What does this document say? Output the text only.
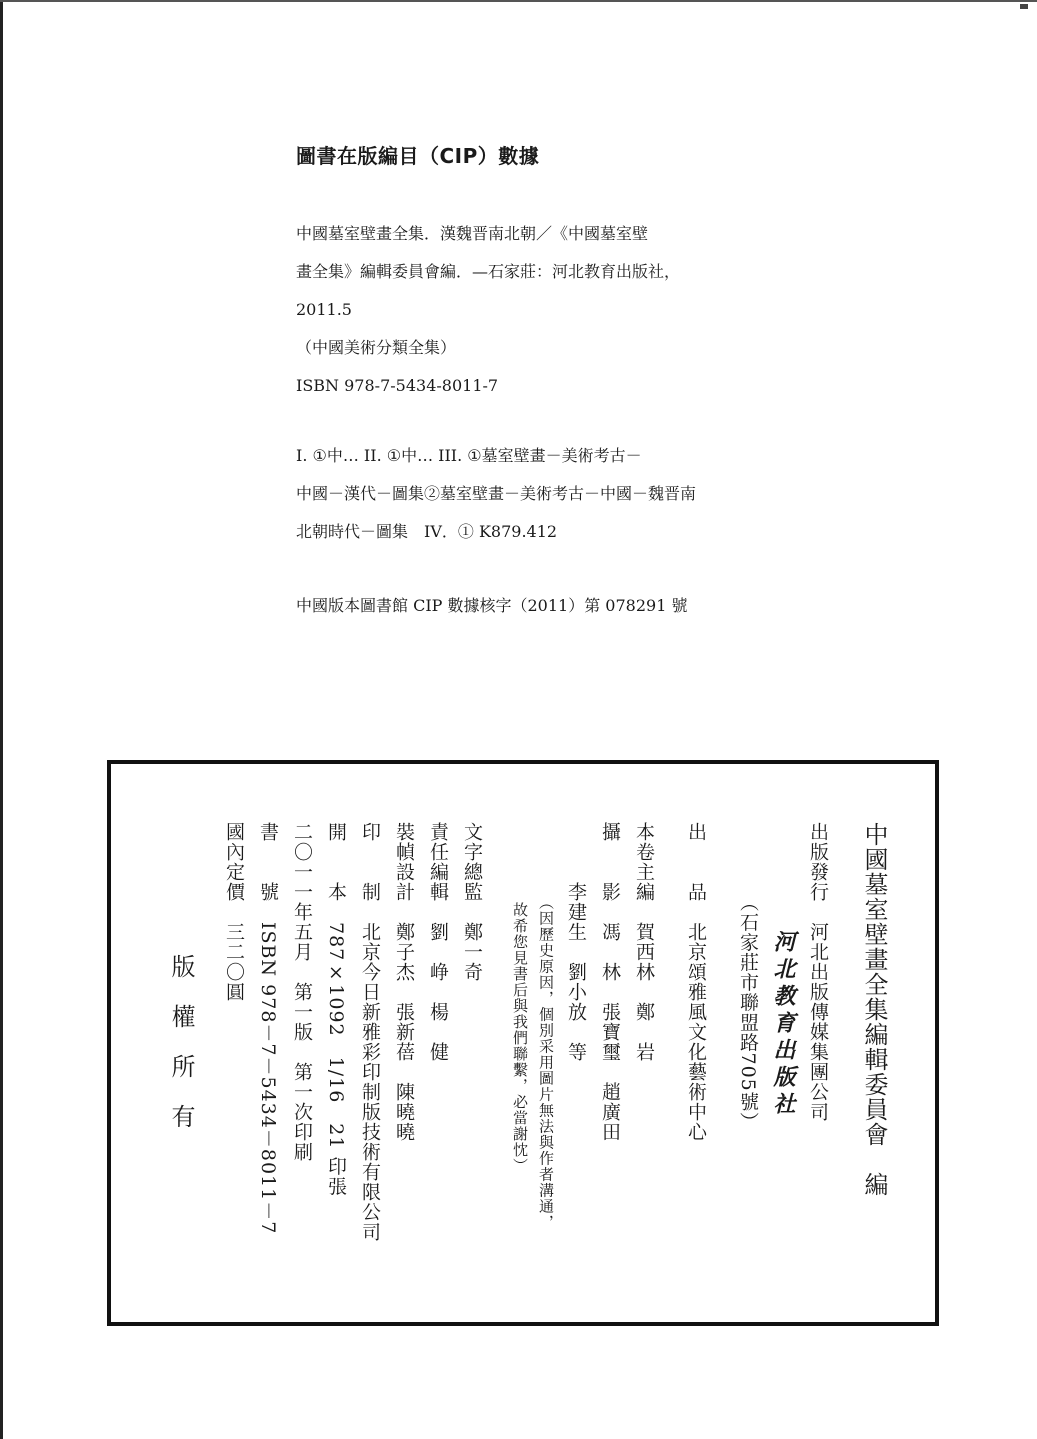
圖書在版編目（CIP）數據
中國墓室壁畫全集．漢魏晋南北朝／《中國墓室壁
畫全集》編輯委員會編．—石家莊：河北教育出版社，
2011.5
（中國美術分類全集）
ISBN 978-7-5434-8011-7
I. ①中… II. ①中… III. ①墓室壁畫－美術考古－
中國－漢代－圖集②墓室壁畫－美術考古－中國－魏晋南
北朝時代－圖集　IV．① K879.412
中國版本圖書館 CIP 數據核字（2011）第 078291 號

中國墓室壁畫全集編輯委員會　編

出版發行　河北出版傳媒集團公司

　　　　河北教育出版社

　　　　（石家莊市聯盟路705號）

出　　品　北京頌雅風文化藝術中心

本卷主編　賀西林　鄭　岩

攝　　影　馮　林　張寶璽　趙廣田

　　　李建生　劉小放　等

　　　　　（因歷史原因，個別采用圖片無法與作者溝通，

　　　　　故希您見書后與我們聯繫，必當謝忱）

文字總監　鄭一奇

責任編輯　劉　峥　楊　健

裝幀設計　鄭子杰　張新蓓　陳曉曉

印　　制　北京今日新雅彩印制版技術有限公司

開　　本　787×1092　1/16　21 印張

二〇一一年五月　第一版　第一次印刷

書　　號　ISBN 978－7－5434－8011－7

國內定價　三二〇圓

版權所有
